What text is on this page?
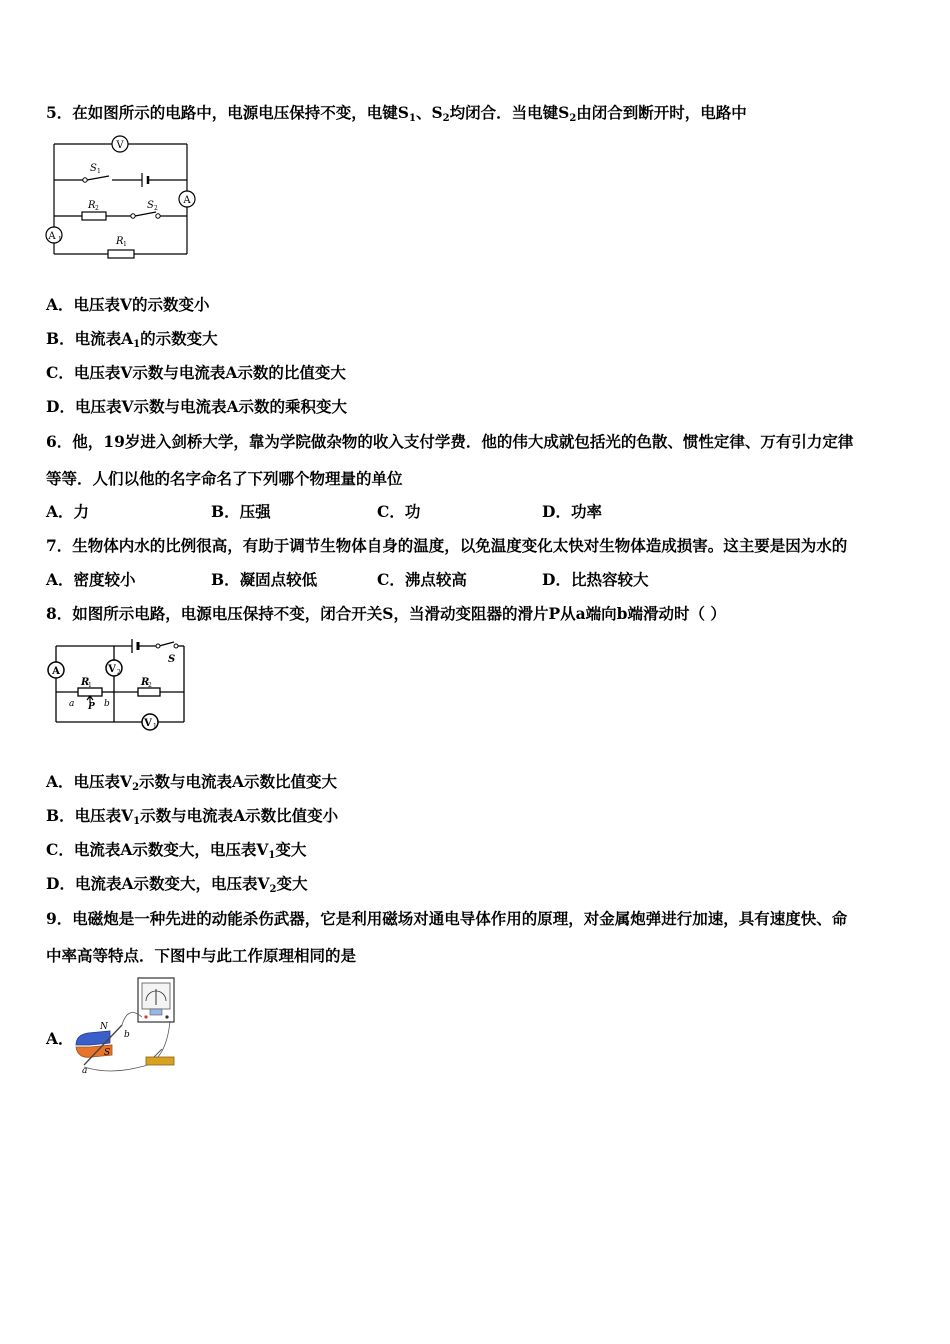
5．在如图所示的电路中，电源电压保持不变，电键$S_1$、$S_2$均闭合．当电键$S_2$由闭合到断开时，电路中
V
A
A 1
S 1
R 2	S 2
R 1
A．电压表V的示数变小
B．电流表$A_1$的示数变大
C．电压表V示数与电流表A示数的比值变大
D．电压表V示数与电流表A示数的乘积变大
6．他，19岁进入剑桥大学，靠为学院做杂物的收入支付学费．他的伟大成就包括光的色散、惯性定律、万有引力定律
等等．人们以他的名字命名了下列哪个物理量的单位
A．力	B．压强	C．功	D．功率
7．生物体内水的比例很高，有助于调节生物体自身的温度，以免温度变化太快对生物体造成损害。这主要是因为水的
A．密度较小	B．凝固点较低	C．沸点较高	D．比热容较大
8．如图所示电路，电源电压保持不变，闭合开关S，当滑动变阻器的滑片P从a端向b端滑动时（ ）
A	V 2
V 1
S
R
1	R
2
a P b
A．电压表$V_2$示数与电流表A示数比值变大
B．电压表$V_1$示数与电流表A示数比值变小
C．电流表A示数变大，电压表$V_1$变大
D．电流表A示数变大，电压表$V_2$变大
9．电磁炮是一种先进的动能杀伤武器，它是利用磁场对通电导体作用的原理，对金属炮弹进行加速，具有速度快、命
中率高等特点．下图中与此工作原理相同的是
A．
N
S
a
b
